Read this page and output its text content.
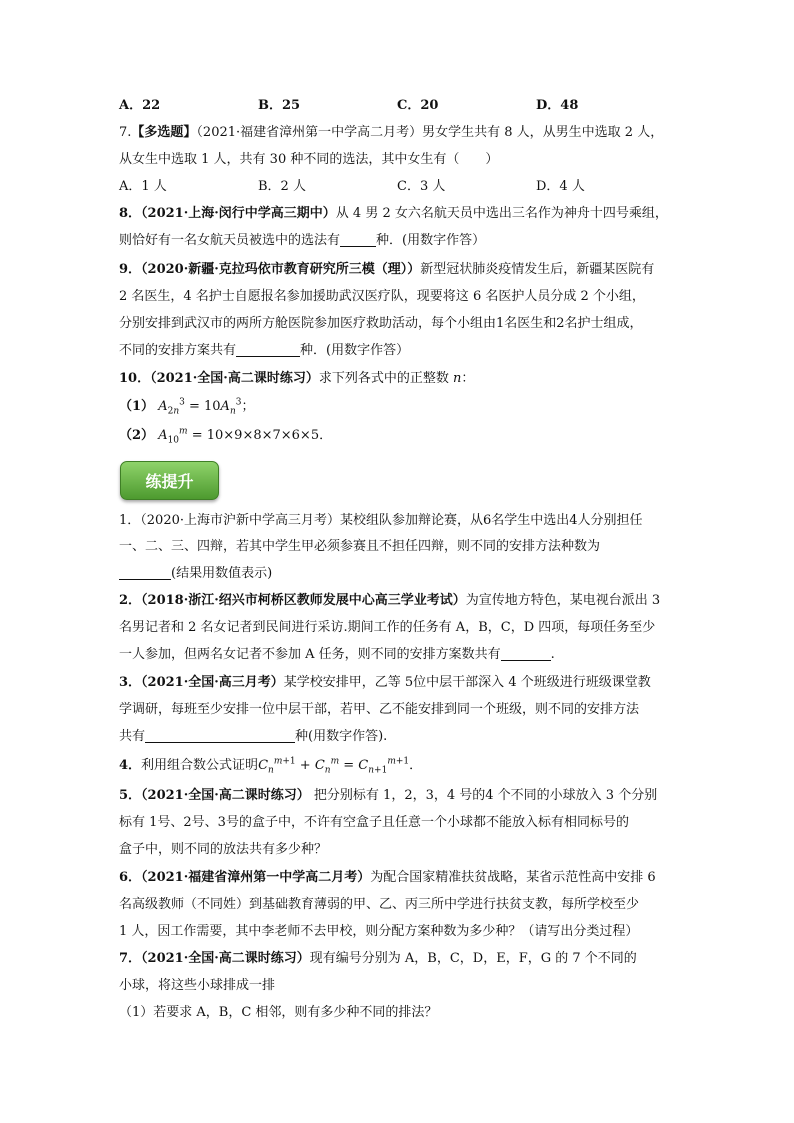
A．22	B．25	C．20	D．48
7.【多选题】（2021·福建省漳州第一中学高二月考）男女学生共有 8 人，从男生中选取 2 人，
从女生中选取 1 人，共有 30 种不同的选法，其中女生有（　　）
A．1 人	B．2 人	C．3 人	D．4 人
8．（2021·上海·闵行中学高三期中）从 4 男 2 女六名航天员中选出三名作为神舟十四号乘组，
则恰好有一名女航天员被选中的选法有	种．(用数字作答）
9．（2020·新疆·克拉玛依市教育研究所三模（理））新型冠状肺炎疫情发生后，新疆某医院有
2 名医生，4 名护士自愿报名参加援助武汉医疗队，现要将这 6 名医护人员分成 2 个小组，
分别安排到武汉市的两所方舱医院参加医疗救助活动，每个小组由1名医生和2名护士组成，
不同的安排方案共有	种．(用数字作答）
10．（2021·全国·高二课时练习）求下列各式中的正整数 n：
（1） $A_{2n}^3 = 10A_n^3$；
（2） $A_{10}^m = 10\times 9\times 8\times 7\times 6\times 5$．
练提升
1．（2020·上海市沪新中学高三月考）某校组队参加辩论赛，从6名学生中选出4人分别担任
一、二、三、四辩，若其中学生甲必须参赛且不担任四辩，则不同的安排方法种数为
(结果用数值表示)
2．（2018·浙江·绍兴市柯桥区教师发展中心高三学业考试）为宣传地方特色，某电视台派出 3
名男记者和 2 名女记者到民间进行采访.期间工作的任务有 A，B，C，D 四项，每项任务至少
一人参加，但两名女记者不参加 A 任务，则不同的安排方案数共有	.
3．（2021·全国·高三月考）某学校安排甲，乙等 5位中层干部深入 4 个班级进行班级课堂教
学调研，每班至少安排一位中层干部，若甲、乙不能安排到同一个班级，则不同的安排方法
共有	种(用数字作答).
4．利用组合数公式证明$C_n^{m+1} + C_n^m = C_{n+1}^{m+1}$．
5．（2021·全国·高二课时练习） 把分别标有 1，2，3，4 号的4 个不同的小球放入 3 个分别
标有 1号、2号、3号的盒子中，不许有空盒子且任意一个小球都不能放入标有相同标号的
盒子中，则不同的放法共有多少种？
6．（2021·福建省漳州第一中学高二月考）为配合国家精准扶贫战略，某省示范性高中安排 6
名高级教师（不同姓）到基础教育薄弱的甲、乙、丙三所中学进行扶贫支教，每所学校至少
1 人，因工作需要，其中李老师不去甲校，则分配方案种数为多少种？（请写出分类过程）
7．（2021·全国·高二课时练习）现有编号分别为 A，B，C，D，E，F，G 的 7 个不同的
小球，将这些小球排成一排
（1）若要求 A，B，C 相邻，则有多少种不同的排法？
